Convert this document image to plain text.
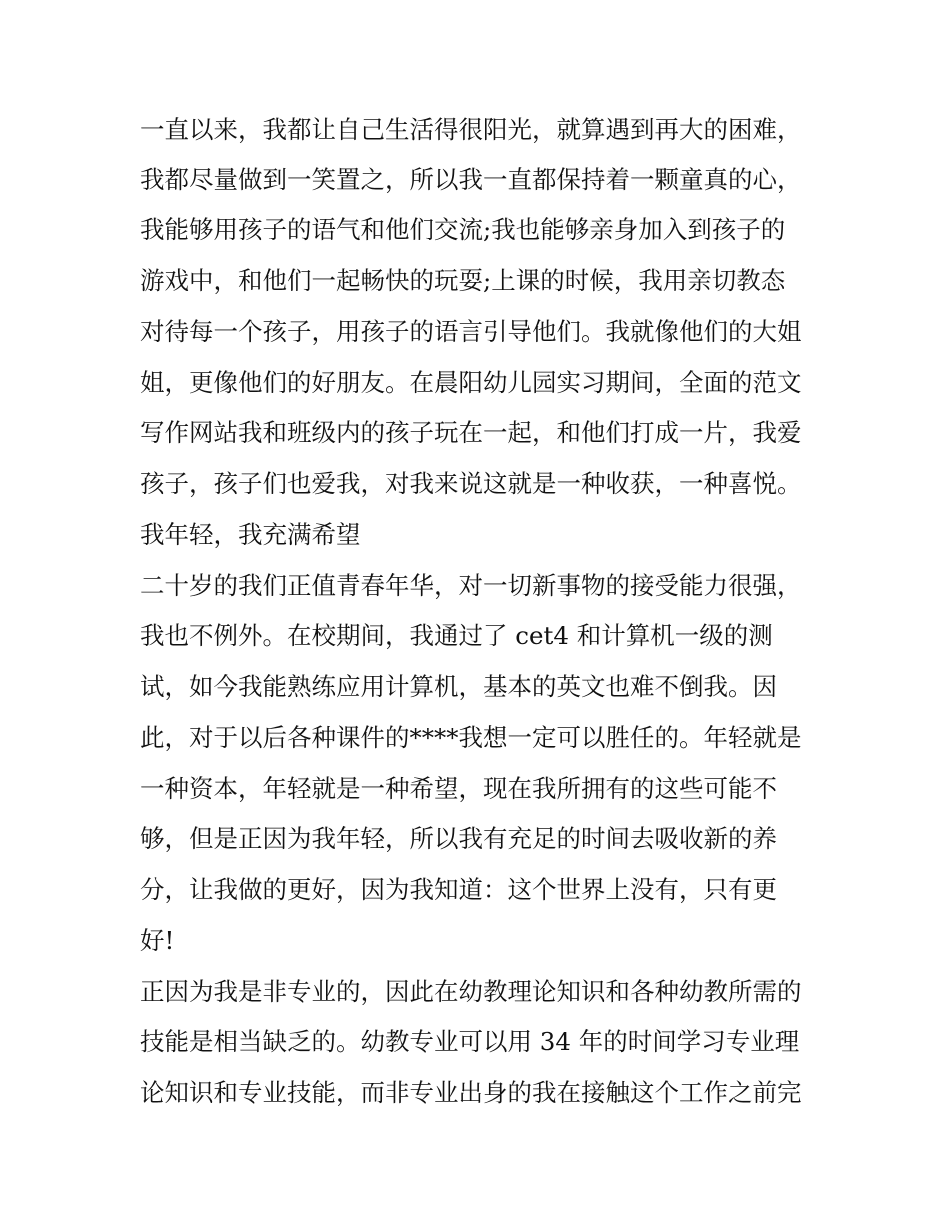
一直以来，我都让自己生活得很阳光，就算遇到再大的困难，
我都尽量做到一笑置之，所以我一直都保持着一颗童真的心，
我能够用孩子的语气和他们交流;我也能够亲身加入到孩子的
游戏中，和他们一起畅快的玩耍;上课的时候，我用亲切教态
对待每一个孩子，用孩子的语言引导他们。我就像他们的大姐
姐，更像他们的好朋友。在晨阳幼儿园实习期间，全面的范文
写作网站我和班级内的孩子玩在一起，和他们打成一片，我爱
孩子，孩子们也爱我，对我来说这就是一种收获，一种喜悦。
我年轻，我充满希望
二十岁的我们正值青春年华，对一切新事物的接受能力很强，
我也不例外。在校期间，我通过了 cet4 和计算机一级的测
试，如今我能熟练应用计算机，基本的英文也难不倒我。因
此，对于以后各种课件的****我想一定可以胜任的。年轻就是
一种资本，年轻就是一种希望，现在我所拥有的这些可能不
够，但是正因为我年轻，所以我有充足的时间去吸收新的养
分，让我做的更好，因为我知道：这个世界上没有，只有更
好!
正因为我是非专业的，因此在幼教理论知识和各种幼教所需的
技能是相当缺乏的。幼教专业可以用 34 年的时间学习专业理
论知识和专业技能，而非专业出身的我在接触这个工作之前完
